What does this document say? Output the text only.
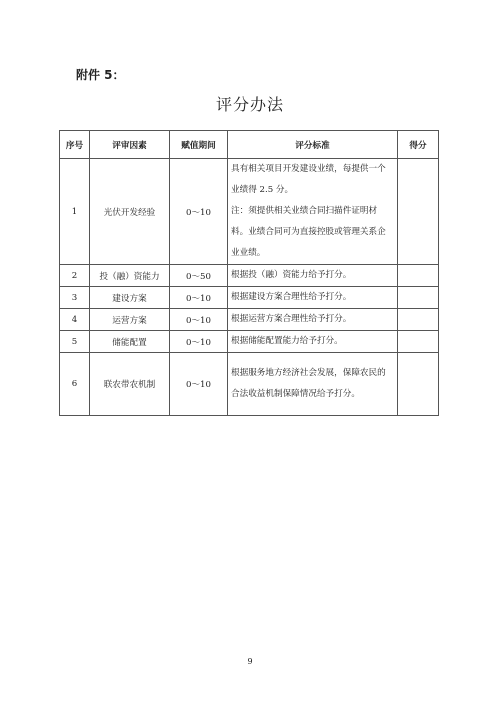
附件 5：
评分办法
序号	评审因素	赋值期间	评分标准	得分
1	光伏开发经验	0～10	具有相关项目开发建设业绩，每提供一个业绩得 2.5 分。
注：须提供相关业绩合同扫描件证明材料。业绩合同可为直接控股或管理关系企业业绩。	

2	投（融）资能力	0～50	根据投（融）资能力给予打分。	
3	建设方案	0～10	根据建设方案合理性给予打分。	
4	运营方案	0～10	根据运营方案合理性给予打分。	
5	储能配置	0～10	根据储能配置能力给予打分。	
6	联农带农机制	0～10	根据服务地方经济社会发展，保障农民的合法收益机制保障情况给予打分。	
9
